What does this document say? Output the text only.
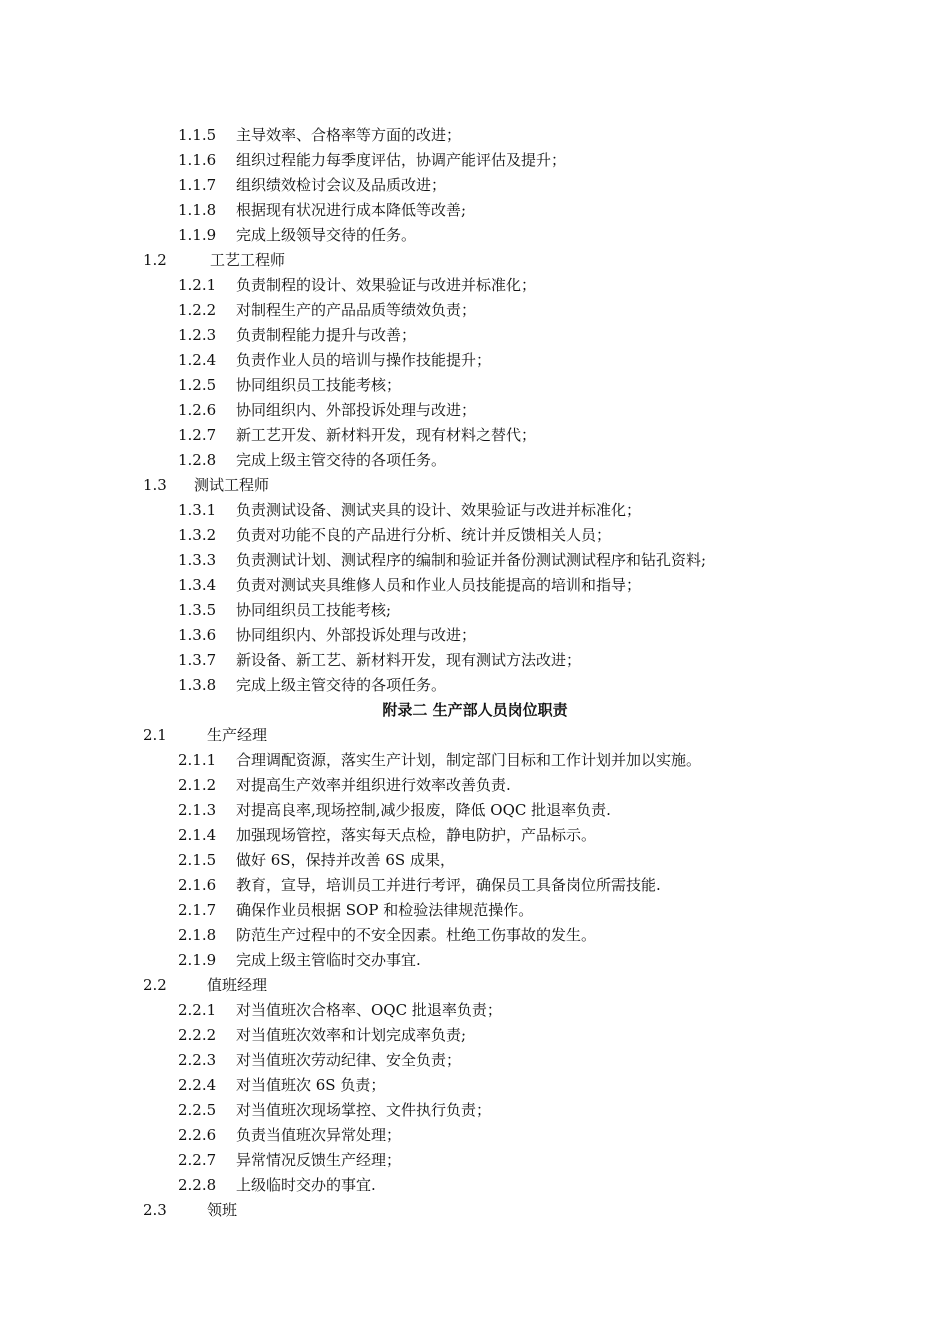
1.1.5 主导效率、合格率等方面的改进；
1.1.6 组织过程能力每季度评估，协调产能评估及提升；
1.1.7 组织绩效检讨会议及品质改进；
1.1.8 根据现有状况进行成本降低等改善;
1.1.9 完成上级领导交待的任务。
1.2	工艺工程师
1.2.1 负责制程的设计、效果验证与改进并标准化；
1.2.2 对制程生产的产品品质等绩效负责；
1.2.3 负责制程能力提升与改善；
1.2.4 负责作业人员的培训与操作技能提升；
1.2.5 协同组织员工技能考核；
1.2.6 协同组织内、外部投诉处理与改进；
1.2.7 新工艺开发、新材料开发，现有材料之替代；
1.2.8 完成上级主管交待的各项任务。
1.3 测试工程师
1.3.1 负责测试设备、测试夹具的设计、效果验证与改进并标准化；
1.3.2 负责对功能不良的产品进行分析、统计并反馈相关人员；
1.3.3 负责测试计划、测试程序的编制和验证并备份测试测试程序和钻孔资料;
1.3.4 负责对测试夹具维修人员和作业人员技能提高的培训和指导；
1.3.5 协同组织员工技能考核;
1.3.6 协同组织内、外部投诉处理与改进；
1.3.7 新设备、新工艺、新材料开发，现有测试方法改进；
1.3.8 完成上级主管交待的各项任务。
附录二 生产部人员岗位职责
2.1	生产经理
2.1.1 合理调配资源，落实生产计划，制定部门目标和工作计划并加以实施。
2.1.2 对提高生产效率并组织进行效率改善负责.
2.1.3 对提高良率,现场控制,减少报废，降低 OQC 批退率负责.
2.1.4 加强现场管控，落实每天点检，静电防护，产品标示。
2.1.5 做好 6S，保持并改善 6S 成果，
2.1.6 教育，宣导，培训员工并进行考评，确保员工具备岗位所需技能.
2.1.7 确保作业员根据 SOP 和检验法律规范操作。
2.1.8 防范生产过程中的不安全因素。杜绝工伤事故的发生。
2.1.9 完成上级主管临时交办事宜.
2.2	值班经理
2.2.1 对当值班次合格率、OQC 批退率负责；
2.2.2 对当值班次效率和计划完成率负责;
2.2.3 对当值班次劳动纪律、安全负责；
2.2.4 对当值班次 6S 负责；
2.2.5 对当值班次现场掌控、文件执行负责；
2.2.6 负责当值班次异常处理；
2.2.7 异常情况反馈生产经理；
2.2.8 上级临时交办的事宜.
2.3	领班
